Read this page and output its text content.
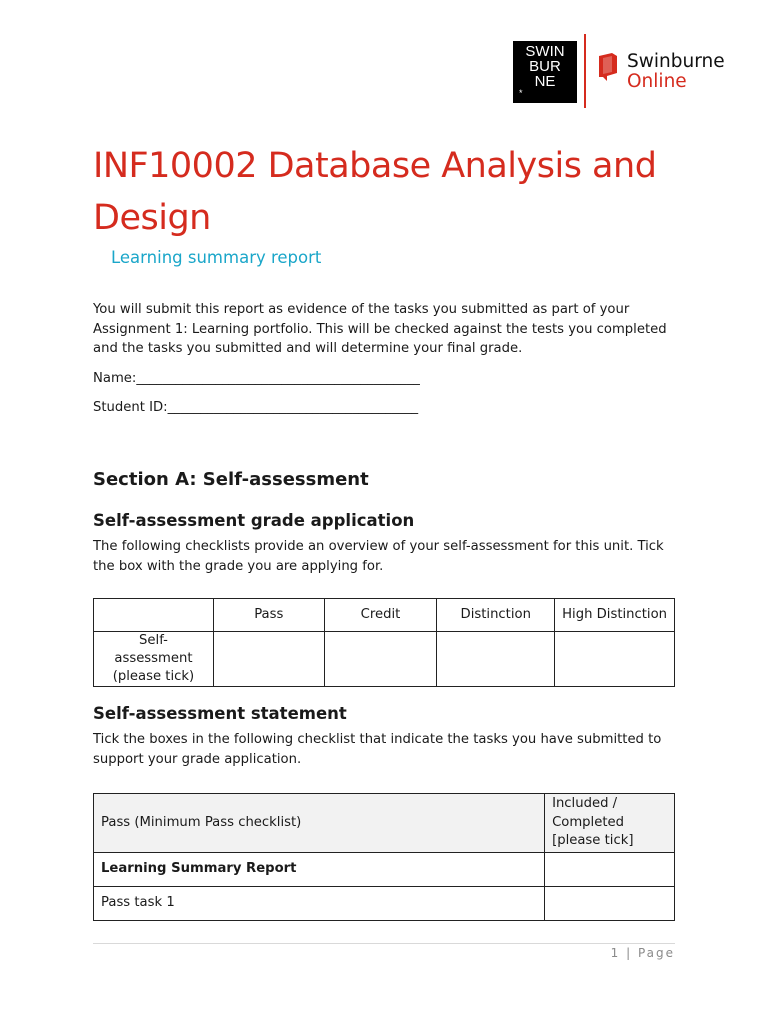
SWIN
BUR
NE
*
Swinburne
Online
INF10002 Database Analysis and Design
Learning summary report

You will submit this report as evidence of the tasks you submitted as part of your Assignment 1: Learning portfolio. This will be checked against the tests you completed and the tasks you submitted and will determine your final grade.

Name:___________________________________________

Student ID:______________________________________

Section A: Self-assessment
Self-assessment grade application

The following checklists provide an overview of your self-assessment for this unit. Tick the box with the grade you are applying for.

	Pass	Credit	Distinction	High Distinction
Self-assessment (please tick)				
Self-assessment statement

Tick the boxes in the following checklist that indicate the tasks you have submitted to support your grade application.

Pass (Minimum Pass checklist)	Included / Completed [please tick]
Learning Summary Report	
Pass task 1	
1 | Page
